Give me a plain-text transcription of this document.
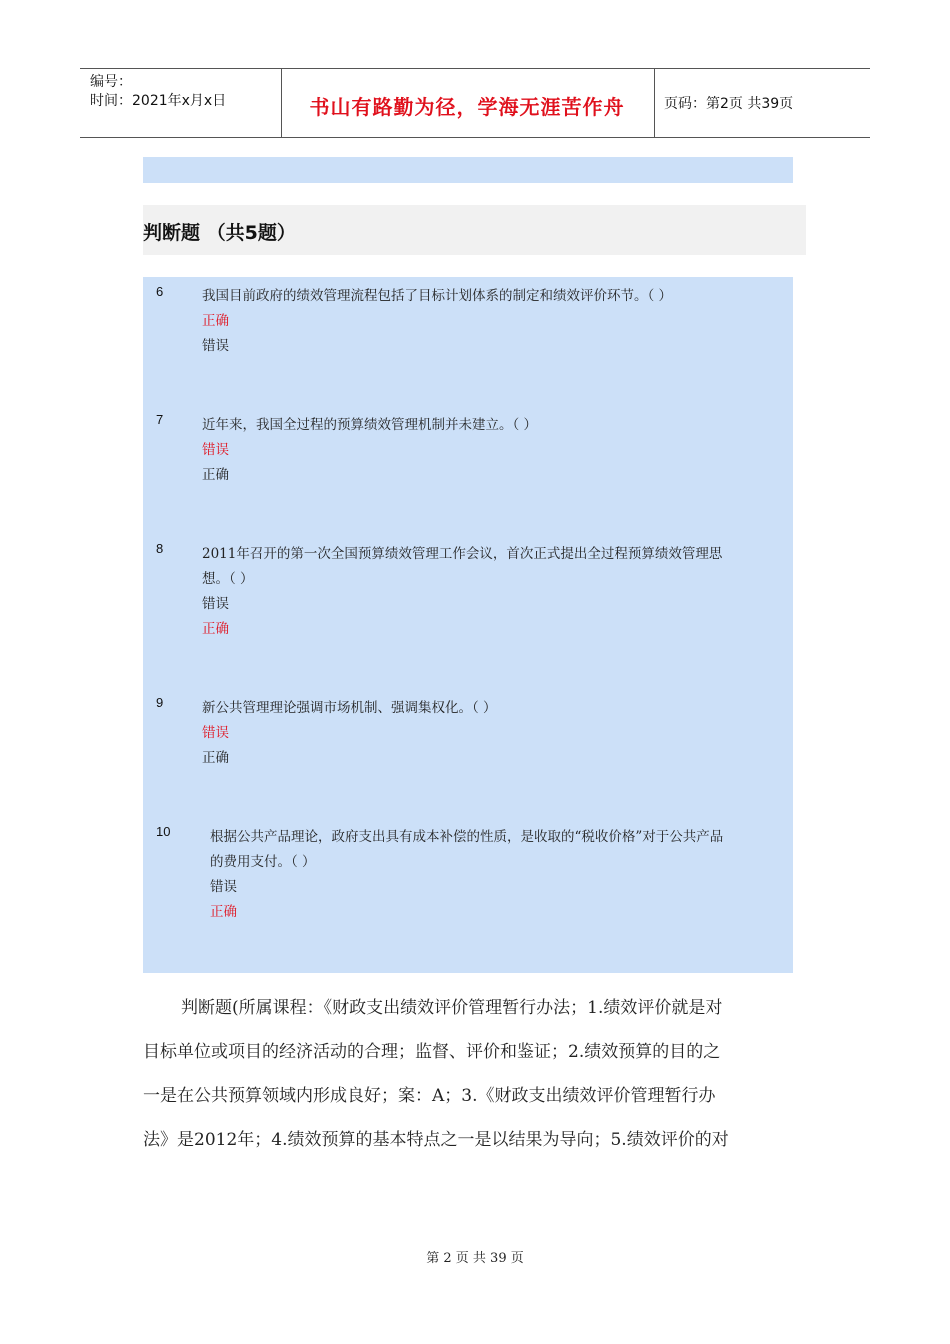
编号：
时间：2021年x月x日	书山有路勤为径，学海无涯苦作舟	页码：第2页 共39页
判断题 （共5题）
6	我国目前政府的绩效管理流程包括了目标计划体系的制定和绩效评价环节。（ ）
正确
错误
7	近年来，我国全过程的预算绩效管理机制并未建立。（ ）
错误
正确
8	2011年召开的第一次全国预算绩效管理工作会议，首次正式提出全过程预算绩效管理思
想。（ ）
错误
正确
9	新公共管理理论强调市场机制、强调集权化。（ ）
错误
正确
10	根据公共产品理论，政府支出具有成本补偿的性质，是收取的“税收价格”对于公共产品
的费用支付。（ ）
错误
正确
判断题(所属课程：《财政支出绩效评价管理暂行办法；1.绩效评价就是对
目标单位或项目的经济活动的合理；监督、评价和鉴证；2.绩效预算的目的之
一是在公共预算领域内形成良好；案：A；3.《财政支出绩效评价管理暂行办
法》是2012年；4.绩效预算的基本特点之一是以结果为导向；5.绩效评价的对
第 2 页 共 39 页
